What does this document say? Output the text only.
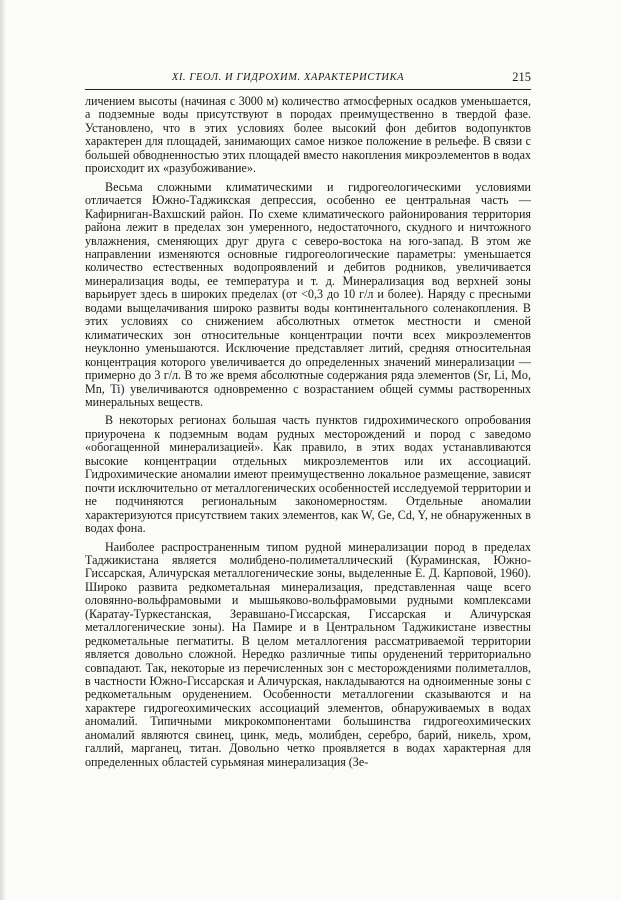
XI. ГЕОЛ. И ГИДРОХИМ. ХАРАКТЕРИСТИКА	215

личением высоты (начиная с 3000 м) количество атмосферных осадков уменьшается, а подземные воды присутствуют в породах преимущественно в твердой фазе. Установлено, что в этих условиях более высокий фон дебитов водопунктов характерен для площадей, занимающих самое низкое положение в рельефе. В связи с большей обводненностью этих площадей вместо накопления микроэлементов в водах происходит их «разубоживание».

Весьма сложными климатическими и гидрогеологическими условиями отличается Южно-Таджикская депрессия, особенно ее центральная часть — Кафирниган-Вахшский район. По схеме климатического районирования территория района лежит в пределах зон умеренного, недостаточного, скудного и ничтожного увлажнения, сменяющих друг друга с северо-востока на юго-запад. В этом же направлении изменяются основные гидрогеологические параметры: уменьшается количество естественных водопроявлений и дебитов родников, увеличивается минерализация воды, ее температура и т. д. Минерализация вод верхней зоны варьирует здесь в широких пределах (от <0,3 до 10 г/л и более). Наряду с пресными водами выщелачивания широко развиты воды континентального соленакопления. В этих условиях со снижением абсолютных отметок местности и сменой климатических зон относительные концентрации почти всех микроэлементов неуклонно уменьшаются. Исключение представляет литий, средняя относительная концентрация которого увеличивается до определенных значений минерализации — примерно до 3 г/л. В то же время абсолютные содержания ряда элементов (Sr, Li, Mo, Mn, Ti) увеличиваются одновременно с возрастанием общей суммы растворенных минеральных веществ.

В некоторых регионах большая часть пунктов гидрохимического опробования приурочена к подземным водам рудных месторождений и пород с заведомо «обогащенной минерализацией». Как правило, в этих водах устанавливаются высокие концентрации отдельных микроэлементов или их ассоциаций. Гидрохимические аномалии имеют преимущественно локальное размещение, зависят почти исключительно от металлогенических особенностей исследуемой территории и не подчиняются региональным закономерностям. Отдельные аномалии характеризуются присутствием таких элементов, как W, Ge, Cd, Y, не обнаруженных в водах фона.

Наиболее распространенным типом рудной минерализации пород в пределах Таджикистана является молибдено-полиметаллический (Кураминская, Южно-Гиссарская, Аличурская металлогенические зоны, выделенные Е. Д. Карповой, 1960). Широко развита редкометальная минерализация, представленная чаще всего оловянно-вольфрамовыми и мышьяково-вольфрамовыми рудными комплексами (Каратау-Туркестанская, Зеравшано-Гиссарская, Гиссарская и Аличурская металлогенические зоны). На Памире и в Центральном Таджикистане известны редкометальные пегматиты. В целом металлогения рассматриваемой территории является довольно сложной. Нередко различные типы оруденений территориально совпадают. Так, некоторые из перечисленных зон с месторождениями полиметаллов, в частности Южно-Гиссарская и Аличурская, накладываются на одноименные зоны с редкометальным оруденением. Особенности металлогении сказываются и на характере гидрогеохимических ассоциаций элементов, обнаруживаемых в водах аномалий. Типичными микрокомпонентами большинства гидрогеохимических аномалий являются свинец, цинк, медь, молибден, серебро, барий, никель, хром, галлий, марганец, титан. Довольно четко проявляется в водах характерная для определенных областей сурьмяная минерализация (Зе-
